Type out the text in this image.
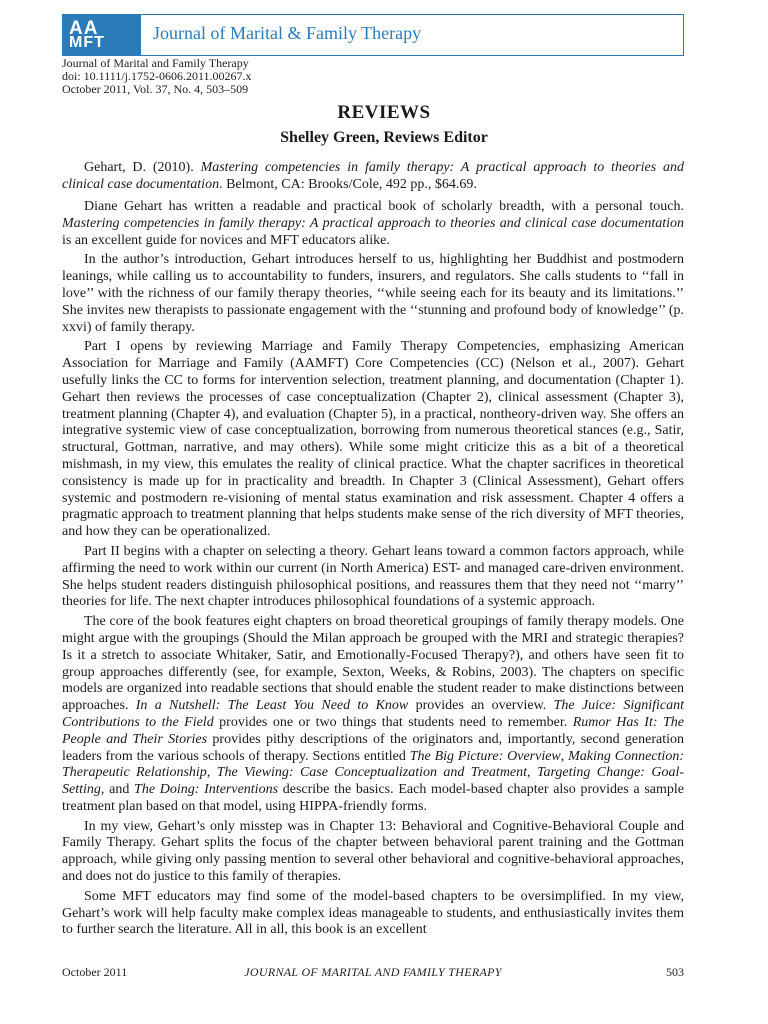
AA
MFT	Journal of Marital & Family Therapy
Journal of Marital and Family Therapy
doi: 10.1111/j.1752-0606.2011.00267.x
October 2011, Vol. 37, No. 4, 503–509
REVIEWS
Shelley Green, Reviews Editor

Gehart, D. (2010). Mastering competencies in family therapy: A practical approach to theories and clinical case documentation. Belmont, CA: Brooks/Cole, 492 pp., $64.69.

Diane Gehart has written a readable and practical book of scholarly breadth, with a personal touch. Mastering competencies in family therapy: A practical approach to theories and clinical case documentation is an excellent guide for novices and MFT educators alike.

In the author’s introduction, Gehart introduces herself to us, highlighting her Buddhist and postmodern leanings, while calling us to accountability to funders, insurers, and regulators. She calls students to ‘‘fall in love’’ with the richness of our family therapy theories, ‘‘while seeing each for its beauty and its limitations.’’ She invites new therapists to passionate engagement with the ‘‘stunning and profound body of knowledge’’ (p. xxvi) of family therapy.

Part I opens by reviewing Marriage and Family Therapy Competencies, emphasizing American Association for Marriage and Family (AAMFT) Core Competencies (CC) (Nelson et al., 2007). Gehart usefully links the CC to forms for intervention selection, treatment planning, and documentation (Chapter 1). Gehart then reviews the processes of case conceptualization (Chapter 2), clinical assessment (Chapter 3), treatment planning (Chapter 4), and evaluation (Chapter 5), in a practical, nontheory-driven way. She offers an integrative systemic view of case conceptualization, borrowing from numerous theoretical stances (e.g., Satir, structural, Gottman, narrative, and may others). While some might criticize this as a bit of a theoretical mishmash, in my view, this emulates the reality of clinical practice. What the chapter sacrifices in theoretical consistency is made up for in practicality and breadth. In Chapter 3 (Clinical Assessment), Gehart offers systemic and postmodern re-visioning of mental status examination and risk assessment. Chapter 4 offers a pragmatic approach to treatment planning that helps students make sense of the rich diversity of MFT theories, and how they can be operationalized.

Part II begins with a chapter on selecting a theory. Gehart leans toward a common factors approach, while affirming the need to work within our current (in North America) EST- and managed care-driven environment. She helps student readers distinguish philosophical positions, and reassures them that they need not ‘‘marry’’ theories for life. The next chapter introduces philosophical foundations of a systemic approach.

The core of the book features eight chapters on broad theoretical groupings of family therapy models. One might argue with the groupings (Should the Milan approach be grouped with the MRI and strategic therapies? Is it a stretch to associate Whitaker, Satir, and Emotionally-Focused Therapy?), and others have seen fit to group approaches differently (see, for example, Sexton, Weeks, & Robins, 2003). The chapters on specific models are organized into readable sections that should enable the student reader to make distinctions between approaches. In a Nutshell: The Least You Need to Know provides an overview. The Juice: Significant Contributions to the Field provides one or two things that students need to remember. Rumor Has It: The People and Their Stories provides pithy descriptions of the originators and, importantly, second generation leaders from the various schools of therapy. Sections entitled The Big Picture: Overview, Making Connection: Therapeutic Relationship, The Viewing: Case Conceptualization and Treatment, Targeting Change: Goal-Setting, and The Doing: Interventions describe the basics. Each model-based chapter also provides a sample treatment plan based on that model, using HIPPA-friendly forms.

In my view, Gehart’s only misstep was in Chapter 13: Behavioral and Cognitive-Behavioral Couple and Family Therapy. Gehart splits the focus of the chapter between behavioral parent training and the Gottman approach, while giving only passing mention to several other behavioral and cognitive-behavioral approaches, and does not do justice to this family of therapies.

Some MFT educators may find some of the model-based chapters to be oversimplified. In my view, Gehart’s work will help faculty make complex ideas manageable to students, and enthusiastically invites them to further search the literature. All in all, this book is an excellent

October 2011	JOURNAL OF MARITAL AND FAMILY THERAPY	503
